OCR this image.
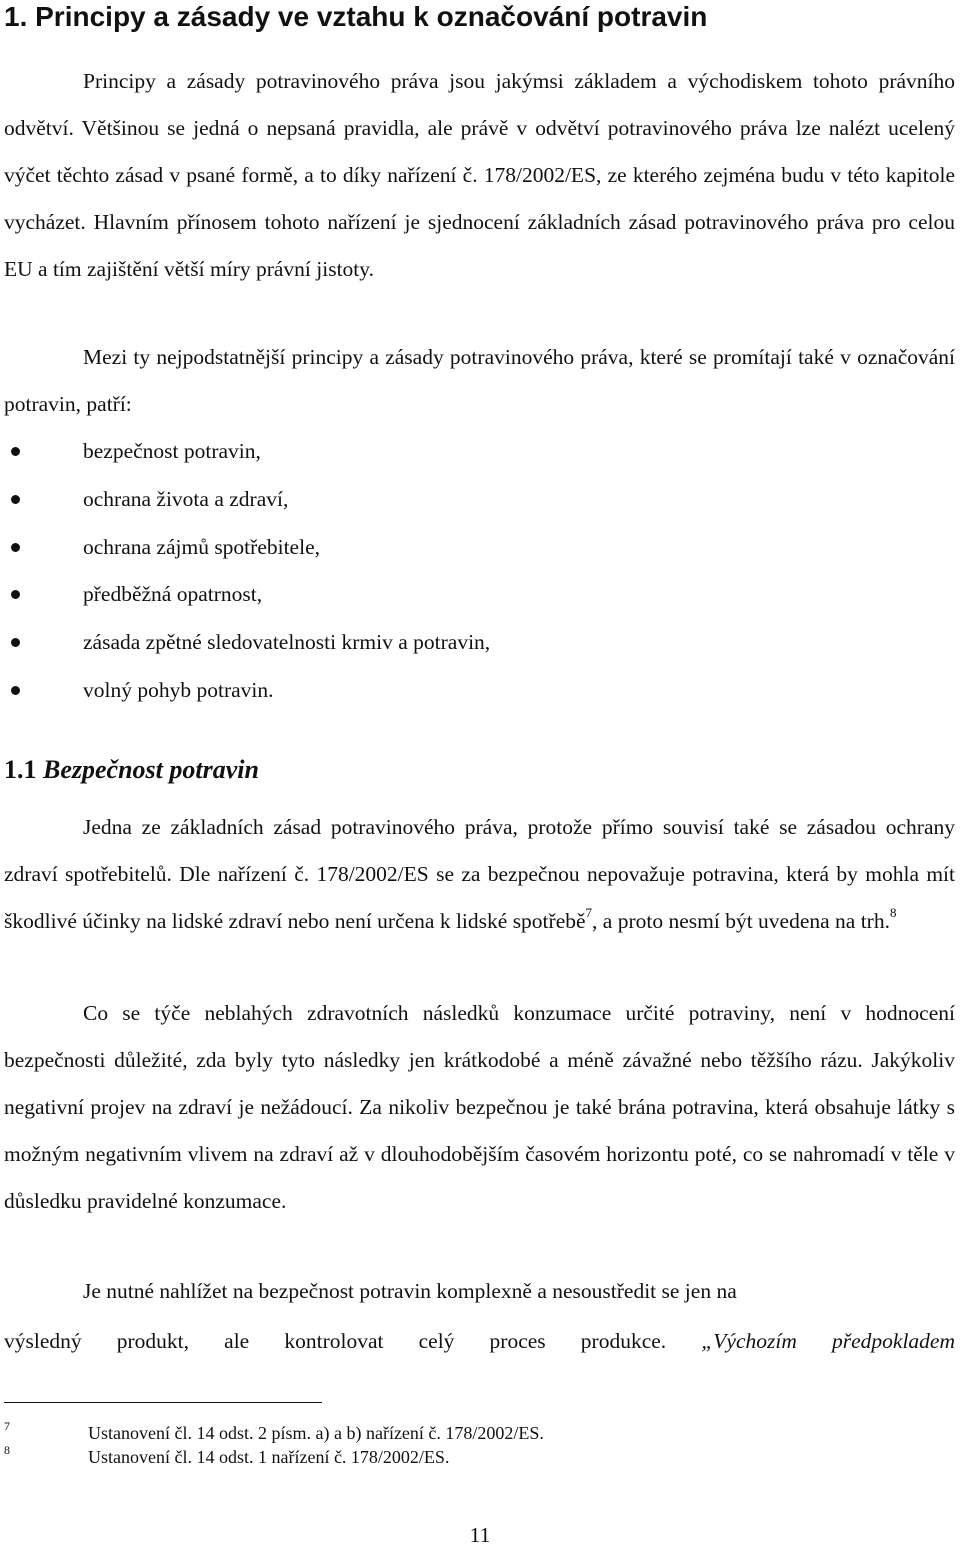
1. Principy a zásady ve vztahu k označování potravin

Principy a zásady potravinového práva jsou jakýmsi základem a východiskem tohoto právního odvětví. Většinou se jedná o nepsaná pravidla, ale právě v odvětví potravinového práva lze nalézt ucelený výčet těchto zásad v psané formě, a to díky nařízení č. 178/2002/ES, ze kterého zejména budu v této kapitole vycházet. Hlavním přínosem tohoto nařízení je sjednocení základních zásad potravinového práva pro celou EU a tím zajištění větší míry právní jistoty.

Mezi ty nejpodstatnější principy a zásady potravinového práva, které se promítají také v označování potravin, patří:

bezpečnost potravin,
ochrana života a zdraví,
ochrana zájmů spotřebitele,
předběžná opatrnost,
zásada zpětné sledovatelnosti krmiv a potravin,
volný pohyb potravin.
1.1 Bezpečnost potravin

Jedna ze základních zásad potravinového práva, protože přímo souvisí také se zásadou ochrany zdraví spotřebitelů. Dle nařízení č. 178/2002/ES se za bezpečnou nepovažuje potravina, která by mohla mít škodlivé účinky na lidské zdraví nebo není určena k lidské spotřebě$^7$, a proto nesmí být uvedena na trh.$^8$

Co se týče neblahých zdravotních následků konzumace určité potraviny, není v hodnocení bezpečnosti důležité, zda byly tyto následky jen krátkodobé a méně závažné nebo těžšího rázu. Jakýkoliv negativní projev na zdraví je nežádoucí. Za nikoliv bezpečnou je také brána potravina, která obsahuje látky s možným negativním vlivem na zdraví až v dlouhodobějším časovém horizontu poté, co se nahromadí v těle v důsledku pravidelné konzumace.

Je nutné nahlížet na bezpečnost potravin komplexně a nesoustředit se jen na

výsledný produkt, ale kontrolovat celý proces produkce. „Výchozím předpokladem

7	Ustanovení čl. 14 odst. 2 písm. a) a b) nařízení č. 178/2002/ES.

8	Ustanovení čl. 14 odst. 1 nařízení č. 178/2002/ES.

11
